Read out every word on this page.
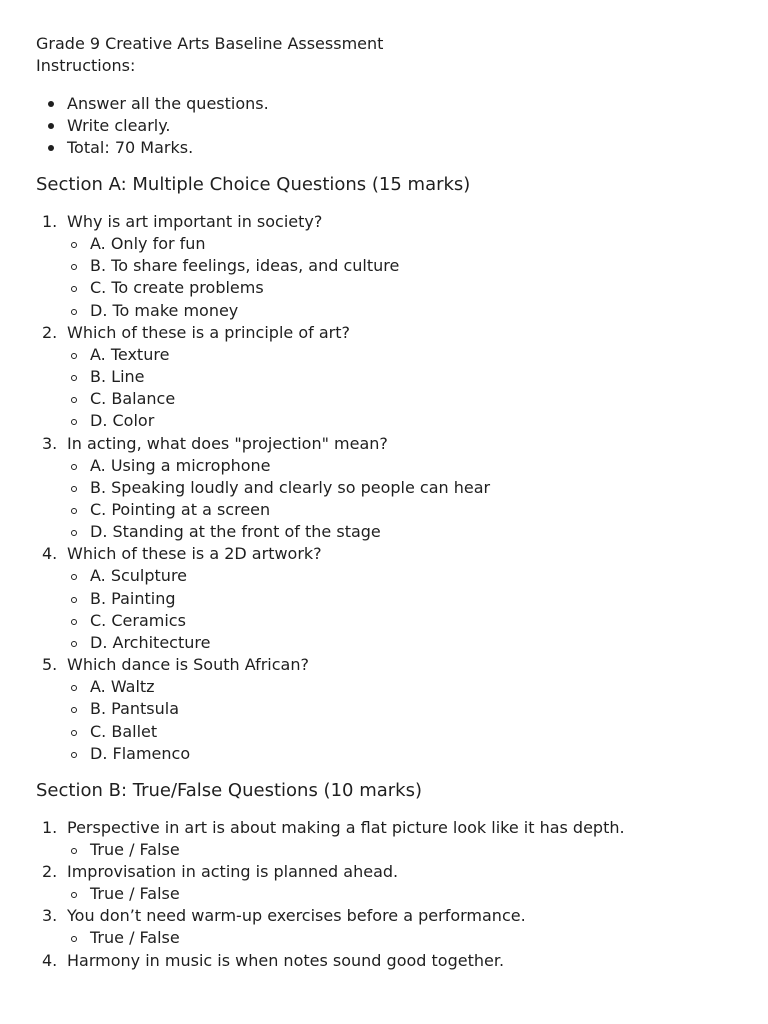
Grade 9 Creative Arts Baseline Assessment

Instructions:

Answer all the questions.
Write clearly.
Total: 70 Marks.
Section A: Multiple Choice Questions (15 marks)
1. Why is art important in society?
A. Only for fun
B. To share feelings, ideas, and culture
C. To create problems
D. To make money
2. Which of these is a principle of art?
A. Texture
B. Line
C. Balance
D. Color
3. In acting, what does "projection" mean?
A. Using a microphone
B. Speaking loudly and clearly so people can hear
C. Pointing at a screen
D. Standing at the front of the stage
4. Which of these is a 2D artwork?
A. Sculpture
B. Painting
C. Ceramics
D. Architecture
5. Which dance is South African?
A. Waltz
B. Pantsula
C. Ballet
D. Flamenco
Section B: True/False Questions (10 marks)
1. Perspective in art is about making a flat picture look like it has depth.
True / False
2. Improvisation in acting is planned ahead.
True / False
3. You don’t need warm-up exercises before a performance.
True / False
4. Harmony in music is when notes sound good together.
